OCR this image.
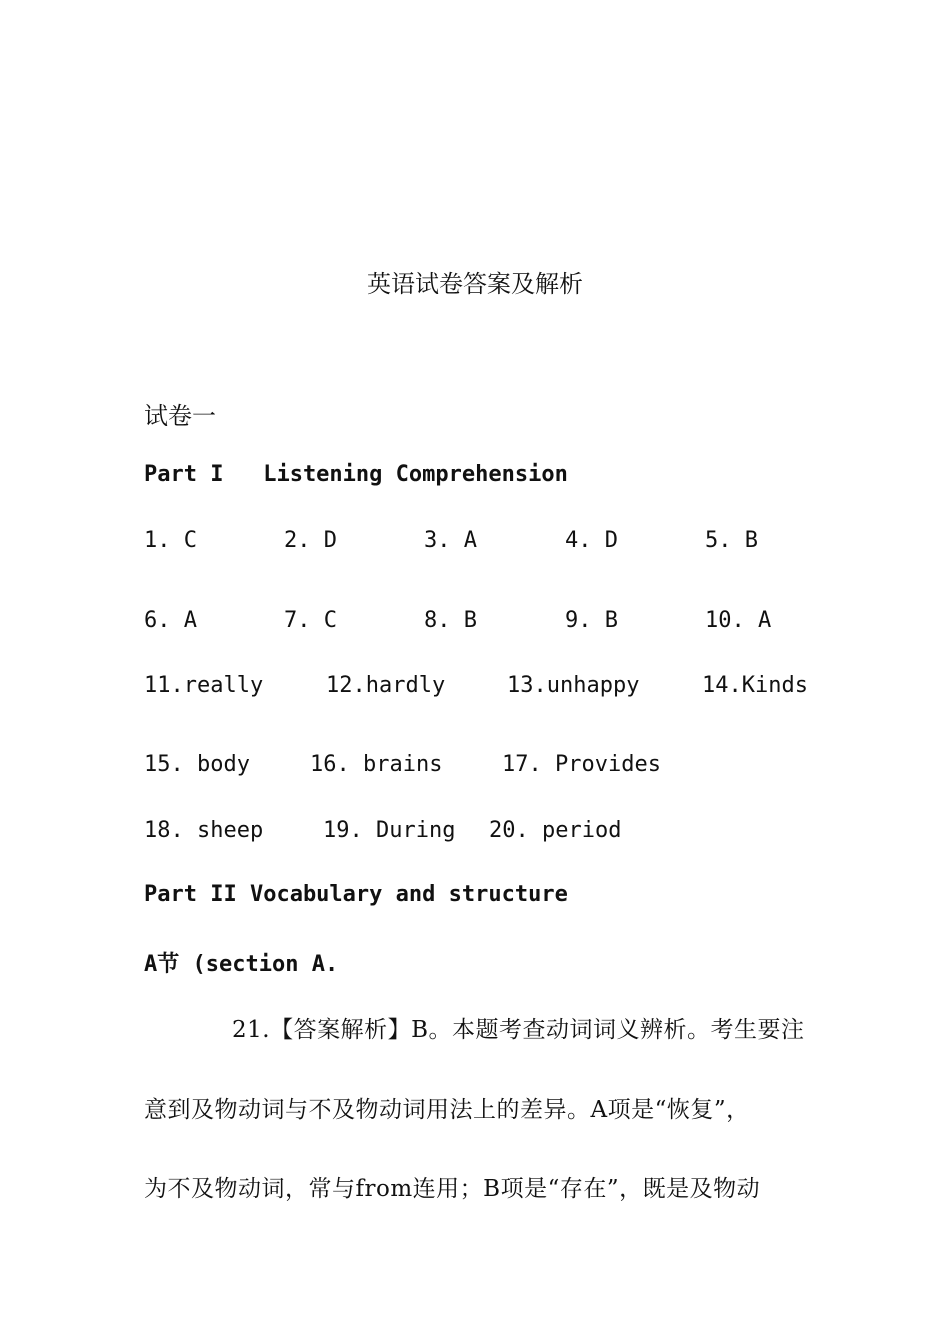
英语试卷答案及解析
试卷一
Part I   Listening Comprehension
1. C	2. D	3. A	4. D	5. B
6. A	7. C	8. B	9. B	10. A
11.really	12.hardly	13.unhappy	14.Kinds
15. body	16. brains	17. Provides
18. sheep	19. During 20. period
Part II Vocabulary and structure
A节 (section A.
21.【答案解析】B。本题考查动词词义辨析。考生要注
意到及物动词与不及物动词用法上的差异。A项是“恢复”，
为不及物动词，常与from连用；B项是“存在”，既是及物动
